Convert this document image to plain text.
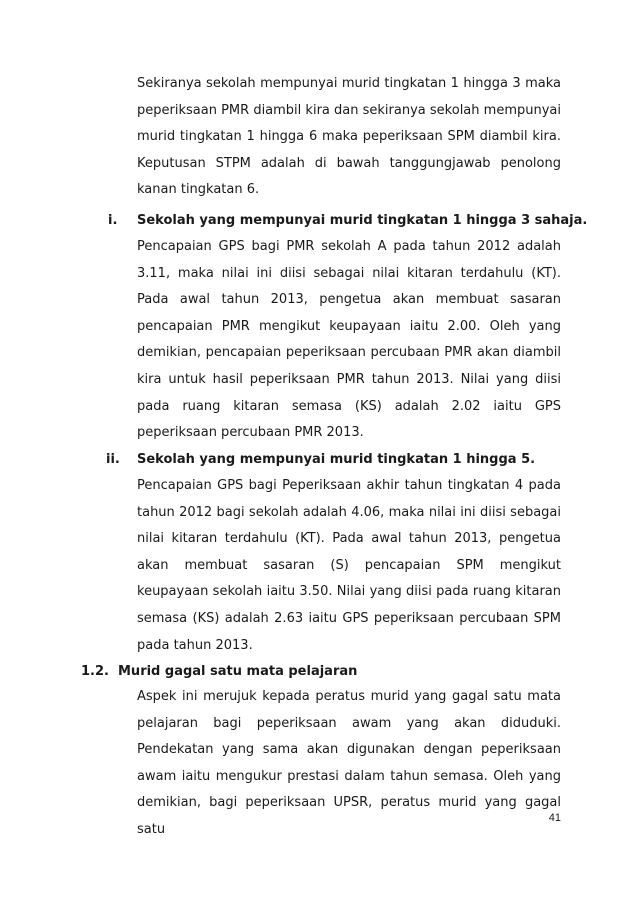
Sekiranya sekolah mempunyai murid tingkatan 1 hingga 3 maka peperiksaan PMR diambil kira dan sekiranya sekolah mempunyai murid tingkatan 1 hingga 6 maka peperiksaan SPM diambil kira. Keputusan STPM adalah di bawah tanggungjawab penolong kanan tingkatan 6.

i. Sekolah yang mempunyai murid tingkatan 1 hingga 3 sahaja.

Pencapaian GPS bagi PMR sekolah A pada tahun 2012 adalah 3.11, maka nilai ini diisi sebagai nilai kitaran terdahulu (KT). Pada awal tahun 2013, pengetua akan membuat sasaran pencapaian PMR mengikut keupayaan iaitu 2.00. Oleh yang demikian, pencapaian peperiksaan percubaan PMR akan diambil kira untuk hasil peperiksaan PMR tahun 2013. Nilai yang diisi pada ruang kitaran semasa (KS) adalah 2.02 iaitu GPS peperiksaan percubaan PMR 2013.

ii. Sekolah yang mempunyai murid tingkatan 1 hingga 5.

Pencapaian GPS bagi Peperiksaan akhir tahun tingkatan 4 pada tahun 2012 bagi sekolah adalah 4.06, maka nilai ini diisi sebagai nilai kitaran terdahulu (KT). Pada awal tahun 2013, pengetua akan membuat sasaran (S) pencapaian SPM mengikut keupayaan sekolah iaitu 3.50. Nilai yang diisi pada ruang kitaran semasa (KS) adalah 2.63 iaitu GPS peperiksaan percubaan SPM pada tahun 2013.

1.2. Murid gagal satu mata pelajaran

Aspek ini merujuk kepada peratus murid yang gagal satu mata pelajaran bagi peperiksaan awam yang akan diduduki. Pendekatan yang sama akan digunakan dengan peperiksaan awam iaitu mengukur prestasi dalam tahun semasa. Oleh yang demikian, bagi peperiksaan UPSR, peratus murid yang gagal satu

41
